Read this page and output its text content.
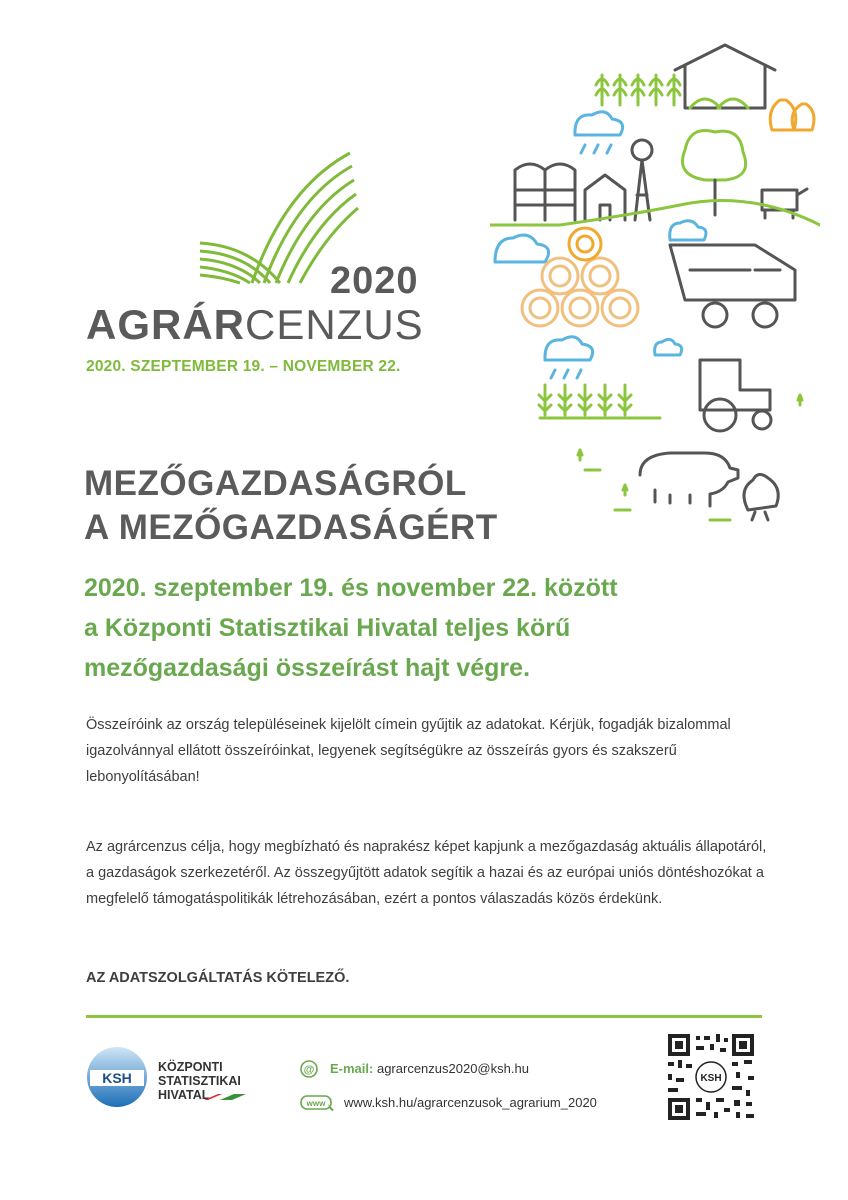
2020
AGRÁRCENZUS
2020. SZEPTEMBER 19. – NOVEMBER 22.
MEZŐGAZDASÁGRÓL
A MEZŐGAZDASÁGÉRT
2020. szeptember 19. és november 22. között
a Központi Statisztikai Hivatal teljes körű
mezőgazdasági összeírást hajt végre.
Összeíróink az ország településeinek kijelölt címein gyűjtik az adatokat. Kérjük, fogadják bizalommal igazolvánnyal ellátott összeíróinkat, legyenek segítségükre az összeírás gyors és szakszerű lebonyolításában!
Az agrárcenzus célja, hogy megbízható és naprakész képet kapjunk a mezőgazdaság aktuális állapotáról, a gazdaságok szerkezetéről. Az összegyűjtött adatok segítik a hazai és az európai uniós döntéshozókat a megfelelő támogatáspolitikák létrehozásában, ezért a pontos válaszadás közös érdekünk.
AZ ADATSZOLGÁLTATÁS KÖTELEZŐ.
KSH
KÖZPONTI
STATISZTIKAI
HIVATAL
@ E-mail: agrarcenzus2020@ksh.hu
www www.ksh.hu/agrarcenzusok_agrarium_2020
KSH
